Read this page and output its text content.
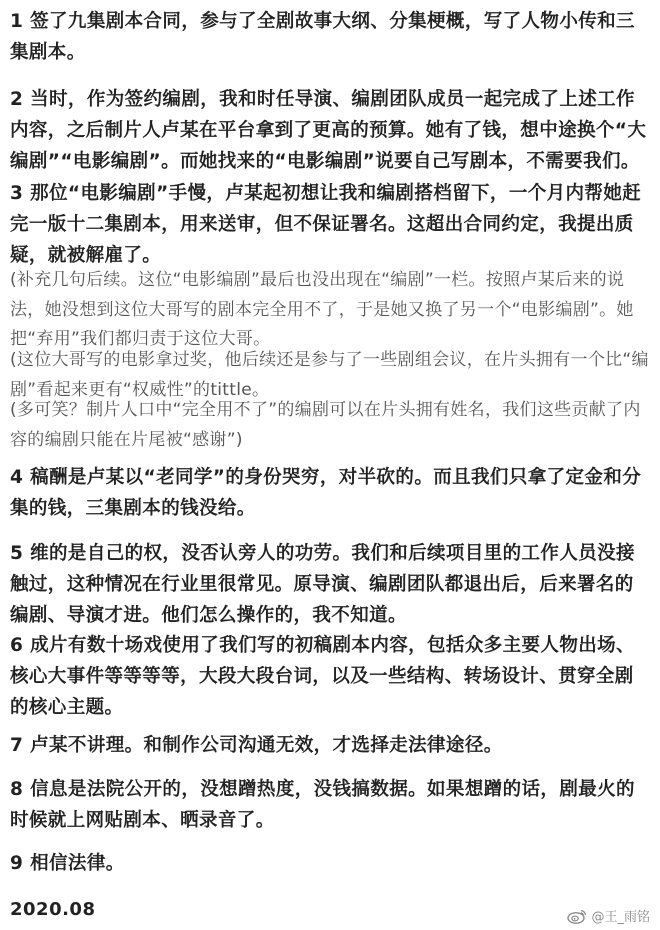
1 签了九集剧本合同，参与了全剧故事大纲、分集梗概，写了人物小传和三集剧本。

2 当时，作为签约编剧，我和时任导演、编剧团队成员一起完成了上述工作内容，之后制片人卢某在平台拿到了更高的预算。她有了钱，想中途换个“大编剧”“电影编剧”。而她找来的“电影编剧”说要自己写剧本，不需要我们。

3 那位“电影编剧”手慢，卢某起初想让我和编剧搭档留下，一个月内帮她赶完一版十二集剧本，用来送审，但不保证署名。这超出合同约定，我提出质疑，就被解雇了。

(补充几句后续。这位“电影编剧”最后也没出现在“编剧”一栏。按照卢某后来的说法，她没想到这位大哥写的剧本完全用不了，于是她又换了另一个“电影编剧”。她把“弃用”我们都归责于这位大哥。

(这位大哥写的电影拿过奖，他后续还是参与了一些剧组会议，在片头拥有一个比“编剧”看起来更有“权威性”的tittle。

(多可笑？制片人口中“完全用不了”的编剧可以在片头拥有姓名，我们这些贡献了内容的编剧只能在片尾被“感谢”)

4 稿酬是卢某以“老同学”的身份哭穷，对半砍的。而且我们只拿了定金和分集的钱，三集剧本的钱没给。

5 维的是自己的权，没否认旁人的功劳。我们和后续项目里的工作人员没接触过，这种情况在行业里很常见。原导演、编剧团队都退出后，后来署名的编剧、导演才进。他们怎么操作的，我不知道。

6 成片有数十场戏使用了我们写的初稿剧本内容，包括众多主要人物出场、核心大事件等等等等，大段大段台词，以及一些结构、转场设计、贯穿全剧的核心主题。

7 卢某不讲理。和制作公司沟通无效，才选择走法律途径。

8 信息是法院公开的，没想蹭热度，没钱搞数据。如果想蹭的话，剧最火的时候就上网贴剧本、晒录音了。

9 相信法律。

2020.08	@王_雨铭
